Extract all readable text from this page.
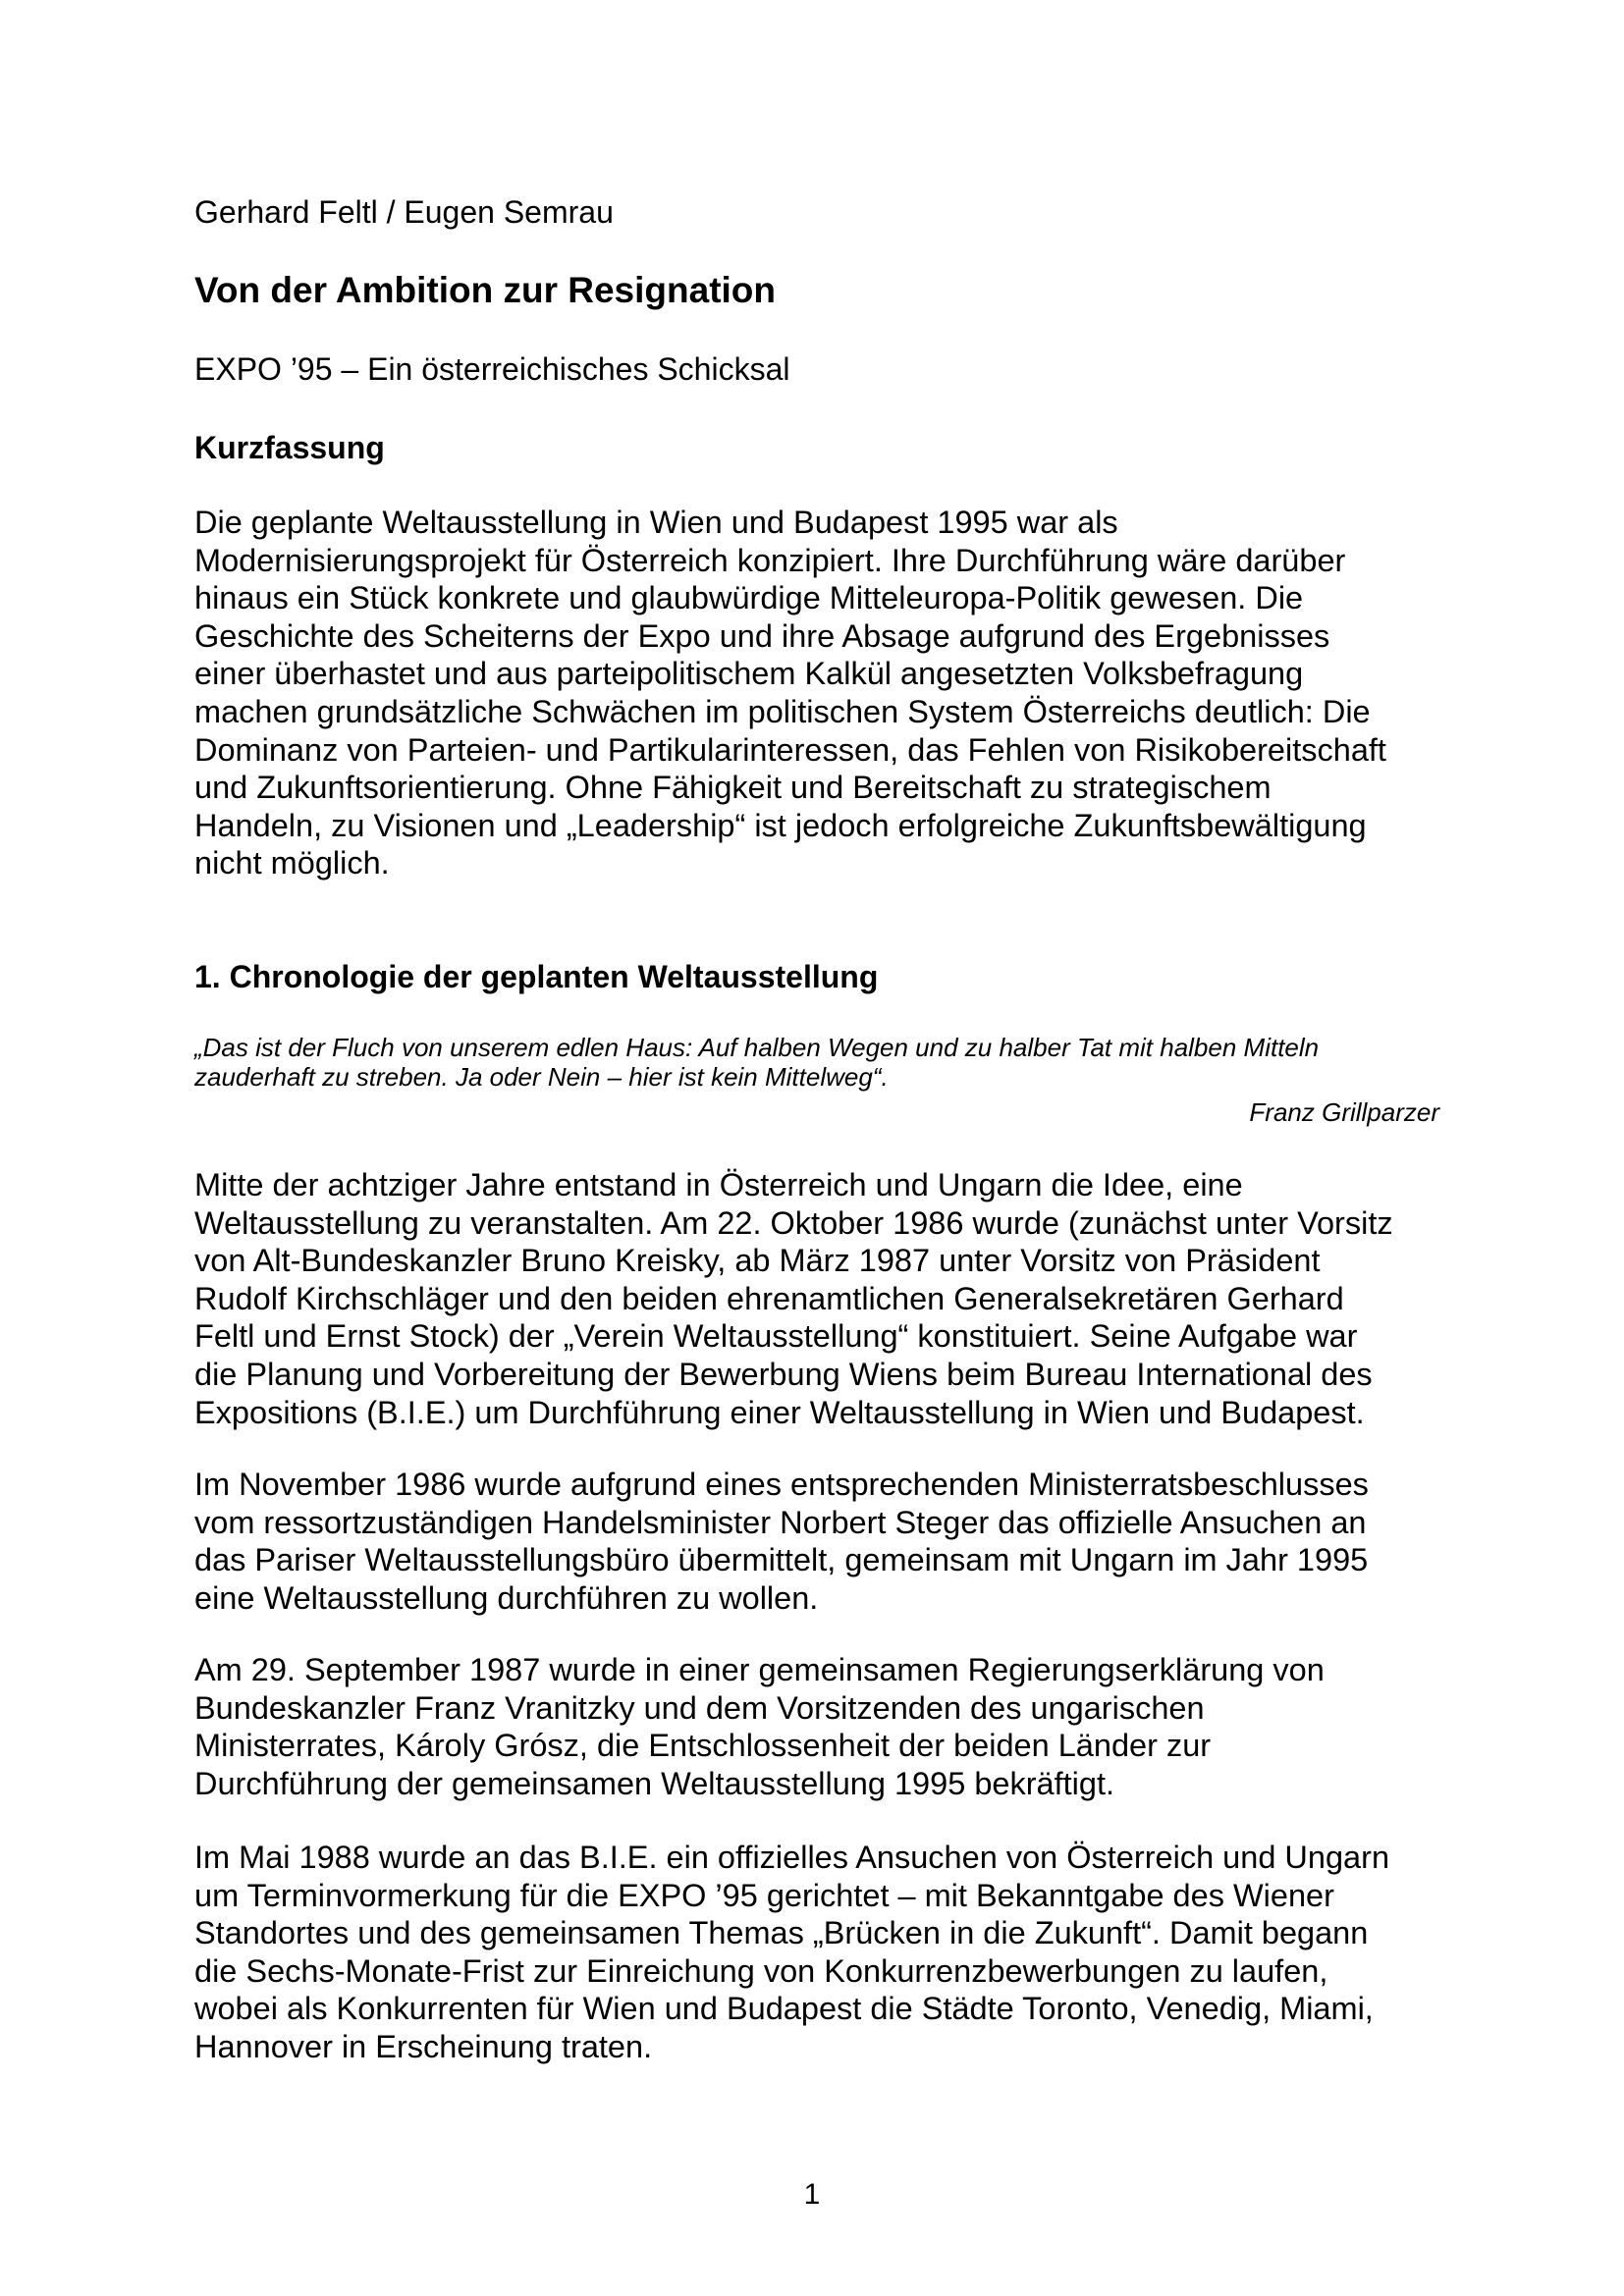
Gerhard Feltl / Eugen Semrau

Von der Ambition zur Resignation

EXPO ’95 – Ein österreichisches Schicksal

Kurzfassung
Die geplante Weltausstellung in Wien und Budapest 1995 war als
Modernisierungsprojekt für Österreich konzipiert. Ihre Durchführung wäre darüber
hinaus ein Stück konkrete und glaubwürdige Mitteleuropa-Politik gewesen. Die
Geschichte des Scheiterns der Expo und ihre Absage aufgrund des Ergebnisses
einer überhastet und aus parteipolitischem Kalkül angesetzten Volksbefragung
machen grundsätzliche Schwächen im politischen System Österreichs deutlich: Die
Dominanz von Parteien- und Partikularinteressen, das Fehlen von Risikobereitschaft
und Zukunftsorientierung. Ohne Fähigkeit und Bereitschaft zu strategischem
Handeln, zu Visionen und „Leadership“ ist jedoch erfolgreiche Zukunftsbewältigung
nicht möglich.
1. Chronologie der geplanten Weltausstellung
„Das ist der Fluch von unserem edlen Haus: Auf halben Wegen und zu halber Tat mit halben Mitteln
zauderhaft zu streben. Ja oder Nein – hier ist kein Mittelweg“.

Franz Grillparzer

Mitte der achtziger Jahre entstand in Österreich und Ungarn die Idee, eine
Weltausstellung zu veranstalten. Am 22. Oktober 1986 wurde (zunächst unter Vorsitz
von Alt-Bundeskanzler Bruno Kreisky, ab März 1987 unter Vorsitz von Präsident
Rudolf Kirchschläger und den beiden ehrenamtlichen Generalsekretären Gerhard
Feltl und Ernst Stock) der „Verein Weltausstellung“ konstituiert. Seine Aufgabe war
die Planung und Vorbereitung der Bewerbung Wiens beim Bureau International des
Expositions (B.I.E.) um Durchführung einer Weltausstellung in Wien und Budapest.
Im November 1986 wurde aufgrund eines entsprechenden Ministerratsbeschlusses
vom ressortzuständigen Handelsminister Norbert Steger das offizielle Ansuchen an
das Pariser Weltausstellungsbüro übermittelt, gemeinsam mit Ungarn im Jahr 1995
eine Weltausstellung durchführen zu wollen.
Am 29. September 1987 wurde in einer gemeinsamen Regierungserklärung von
Bundeskanzler Franz Vranitzky und dem Vorsitzenden des ungarischen
Ministerrates, Károly Grósz, die Entschlossenheit der beiden Länder zur
Durchführung der gemeinsamen Weltausstellung 1995 bekräftigt.
Im Mai 1988 wurde an das B.I.E. ein offizielles Ansuchen von Österreich und Ungarn
um Terminvormerkung für die EXPO ’95 gerichtet – mit Bekanntgabe des Wiener
Standortes und des gemeinsamen Themas „Brücken in die Zukunft“. Damit begann
die Sechs-Monate-Frist zur Einreichung von Konkurrenzbewerbungen zu laufen,
wobei als Konkurrenten für Wien und Budapest die Städte Toronto, Venedig, Miami,
Hannover in Erscheinung traten.

1
